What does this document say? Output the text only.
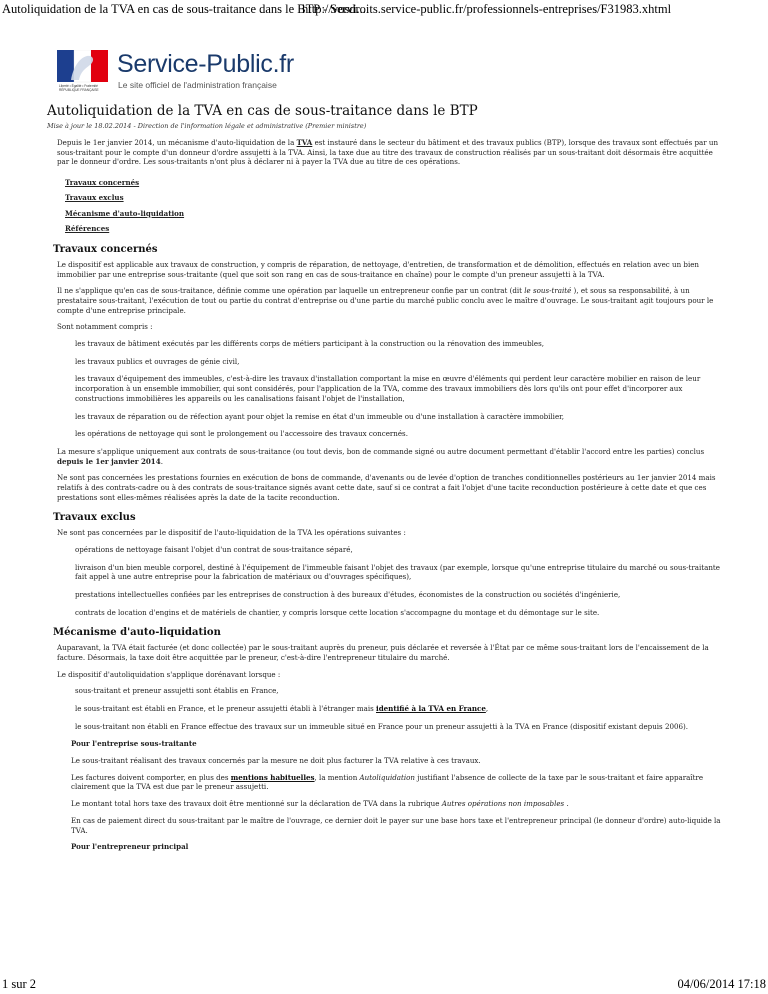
Autoliquidation de la TVA en cas de sous-traitance dans le BTP - Servi...
http://vosdroits.service-public.fr/professionnels-entreprises/F31983.xhtml
Liberté • Égalité • Fraternité RÉPUBLIQUE FRANÇAISE
Service-Public.fr
Le site officiel de l'administration française
Autoliquidation de la TVA en cas de sous-traitance dans le BTP
Mise à jour le 18.02.2014 - Direction de l'information légale et administrative (Premier ministre)

Depuis le 1er janvier 2014, un mécanisme d'auto-liquidation de la TVA est instauré dans le secteur du bâtiment et des travaux publics (BTP), lorsque des travaux sont effectués par un sous-traitant pour le compte d'un donneur d'ordre assujetti à la TVA. Ainsi, la taxe due au titre des travaux de construction réalisés par un sous-traitant doit désormais être acquittée par le donneur d'ordre. Les sous-traitants n'ont plus à déclarer ni à payer la TVA due au titre de ces opérations.

Travaux concernés
Travaux exclus
Mécanisme d'auto-liquidation
Références
Travaux concernés

Le dispositif est applicable aux travaux de construction, y compris de réparation, de nettoyage, d'entretien, de transformation et de démolition, effectués en relation avec un bien immobilier par une entreprise sous-traitante (quel que soit son rang en cas de sous-traitance en chaîne) pour le compte d'un preneur assujetti à la TVA.

Il ne s'applique qu'en cas de sous-traitance, définie comme une opération par laquelle un entrepreneur confie par un contrat (dit le sous-traité ), et sous sa responsabilité, à un prestataire sous-traitant, l'exécution de tout ou partie du contrat d'entreprise ou d'une partie du marché public conclu avec le maître d'ouvrage. Le sous-traitant agit toujours pour le compte d'une entreprise principale.

Sont notamment compris :

les travaux de bâtiment exécutés par les différents corps de métiers participant à la construction ou la rénovation des immeubles,
les travaux publics et ouvrages de génie civil,
les travaux d'équipement des immeubles, c'est-à-dire les travaux d'installation comportant la mise en œuvre d'éléments qui perdent leur caractère mobilier en raison de leur incorporation à un ensemble immobilier, qui sont considérés, pour l'application de la TVA, comme des travaux immobiliers dès lors qu'ils ont pour effet d'incorporer aux constructions immobilières les appareils ou les canalisations faisant l'objet de l'installation,
les travaux de réparation ou de réfection ayant pour objet la remise en état d'un immeuble ou d'une installation à caractère immobilier,
les opérations de nettoyage qui sont le prolongement ou l'accessoire des travaux concernés.

La mesure s'applique uniquement aux contrats de sous-traitance (ou tout devis, bon de commande signé ou autre document permettant d'établir l'accord entre les parties) conclus depuis le 1er janvier 2014.

Ne sont pas concernées les prestations fournies en exécution de bons de commande, d'avenants ou de levée d'option de tranches conditionnelles postérieurs au 1er janvier 2014 mais relatifs à des contrats-cadre ou à des contrats de sous-traitance signés avant cette date, sauf si ce contrat a fait l'objet d'une tacite reconduction postérieure à cette date et que ces prestations sont elles-mêmes réalisées après la date de la tacite reconduction.

Travaux exclus

Ne sont pas concernées par le dispositif de l'auto-liquidation de la TVA les opérations suivantes :

opérations de nettoyage faisant l'objet d'un contrat de sous-traitance séparé,
livraison d'un bien meuble corporel, destiné à l'équipement de l'immeuble faisant l'objet des travaux (par exemple, lorsque qu'une entreprise titulaire du marché ou sous-traitante fait appel à une autre entreprise pour la fabrication de matériaux ou d'ouvrages spécifiques),
prestations intellectuelles confiées par les entreprises de construction à des bureaux d'études, économistes de la construction ou sociétés d'ingénierie,
contrats de location d'engins et de matériels de chantier, y compris lorsque cette location s'accompagne du montage et du démontage sur le site.
Mécanisme d'auto-liquidation

Auparavant, la TVA était facturée (et donc collectée) par le sous-traitant auprès du preneur, puis déclarée et reversée à l'État par ce même sous-traitant lors de l'encaissement de la facture. Désormais, la taxe doit être acquittée par le preneur, c'est-à-dire l'entrepreneur titulaire du marché.

Le dispositif d'autoliquidation s'applique dorénavant lorsque :

sous-traitant et preneur assujetti sont établis en France,
le sous-traitant est établi en France, et le preneur assujetti établi à l'étranger mais identifié à la TVA en France,
le sous-traitant non établi en France effectue des travaux sur un immeuble situé en France pour un preneur assujetti à la TVA en France (dispositif existant depuis 2006).
Pour l'entreprise sous-traitante

Le sous-traitant réalisant des travaux concernés par la mesure ne doit plus facturer la TVA relative à ces travaux.

Les factures doivent comporter, en plus des mentions habituelles, la mention Autoliquidation justifiant l'absence de collecte de la taxe par le sous-traitant et faire apparaître clairement que la TVA est due par le preneur assujetti.

Le montant total hors taxe des travaux doit être mentionné sur la déclaration de TVA dans la rubrique Autres opérations non imposables .

En cas de paiement direct du sous-traitant par le maître de l'ouvrage, ce dernier doit le payer sur une base hors taxe et l'entrepreneur principal (le donneur d'ordre) auto-liquide la TVA.

Pour l'entrepreneur principal
1 sur 2	04/06/2014 17:18
